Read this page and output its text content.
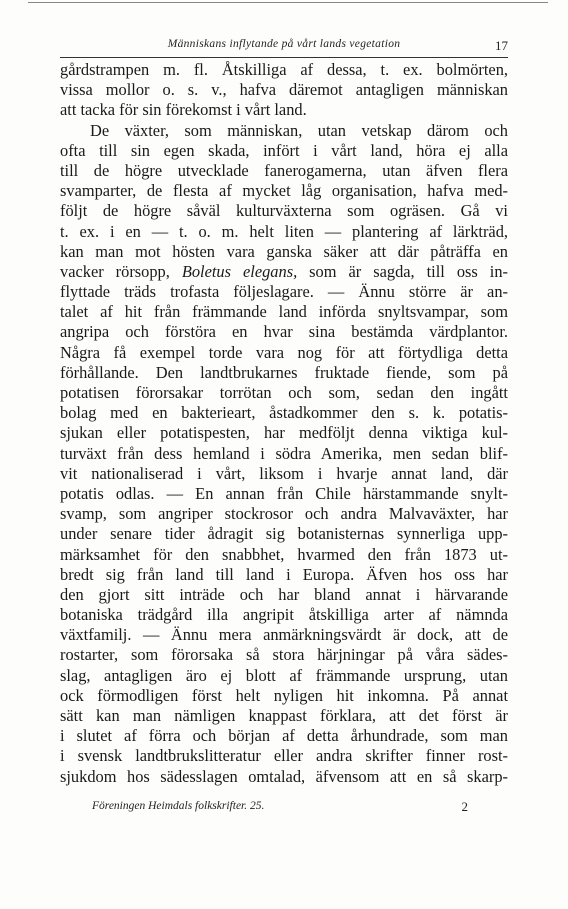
Människans inflytande på vårt lands vegetation	17
gårdstrampen m. fl. Åtskilliga af dessa, t. ex. bolmörten,
vissa mollor o. s. v., hafva däremot antagligen människan
att tacka för sin förekomst i vårt land.
De växter, som människan, utan vetskap därom och
ofta till sin egen skada, infört i vårt land, höra ej alla
till de högre utvecklade fanerogamerna, utan äfven flera
svamparter, de flesta af mycket låg organisation, hafva med-
följt de högre såväl kulturväxterna som ogräsen. Gå vi
t. ex. i en — t. o. m. helt liten — plantering af lärkträd,
kan man mot hösten vara ganska säker att där påträffa en
vacker rörsopp, Boletus elegans, som är sagda, till oss in-
flyttade träds trofasta följeslagare. — Ännu större är an-
talet af hit från främmande land införda snyltsvampar, som
angripa och förstöra en hvar sina bestämda värdplantor.
Några få exempel torde vara nog för att förtydliga detta
förhållande. Den landtbrukarnes fruktade fiende, som på
potatisen förorsakar torrötan och som, sedan den ingått
bolag med en bakterieart, åstadkommer den s. k. potatis-
sjukan eller potatispesten, har medföljt denna viktiga kul-
turväxt från dess hemland i södra Amerika, men sedan blif-
vit nationaliserad i vårt, liksom i hvarje annat land, där
potatis odlas. — En annan från Chile härstammande snylt-
svamp, som angriper stockrosor och andra Malvaväxter, har
under senare tider ådragit sig botanisternas synnerliga upp-
märksamhet för den snabbhet, hvarmed den från 1873 ut-
bredt sig från land till land i Europa. Äfven hos oss har
den gjort sitt inträde och har bland annat i härvarande
botaniska trädgård illa angripit åtskilliga arter af nämnda
växtfamilj. — Ännu mera anmärkningsvärdt är dock, att de
rostarter, som förorsaka så stora härjningar på våra sädes-
slag, antagligen äro ej blott af främmande ursprung, utan
ock förmodligen först helt nyligen hit inkomna. På annat
sätt kan man nämligen knappast förklara, att det först är
i slutet af förra och början af detta århundrade, som man
i svensk landtbrukslitteratur eller andra skrifter finner rost-
sjukdom hos sädesslagen omtalad, äfvensom att en så skarp-
Föreningen Heimdals folkskrifter. 25.	2
